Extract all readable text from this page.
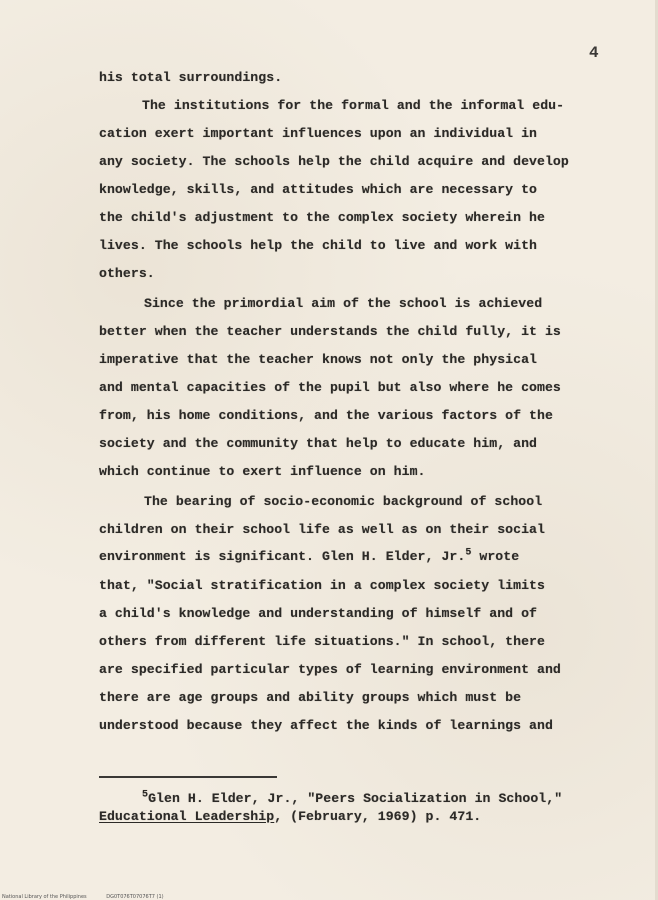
4
his total surroundings.
The institutions for the formal and the informal edu-
cation exert important influences upon an individual in
any society. The schools help the child acquire and develop
knowledge, skills, and attitudes which are necessary to
the child's adjustment to the complex society wherein he
lives. The schools help the child to live and work with
others.
Since the primordial aim of the school is achieved
better when the teacher understands the child fully, it is
imperative that the teacher knows not only the physical
and mental capacities of the pupil but also where he comes
from, his home conditions, and the various factors of the
society and the community that help to educate him, and
which continue to exert influence on him.
The bearing of socio-economic background of school
children on their school life as well as on their social
environment is significant. Glen H. Elder, Jr.$^5$ wrote
that, "Social stratification in a complex society limits
a child's knowledge and understanding of himself and of
others from different life situations." In school, there
are specified particular types of learning environment and
there are age groups and ability groups which must be
understood because they affect the kinds of learnings and
$^5$Glen H. Elder, Jr., "Peers Socialization in School,"
Educational Leadership, (February, 1969) p. 471.
National Library of the Philippines	DG0T076T07076T7 (1)
